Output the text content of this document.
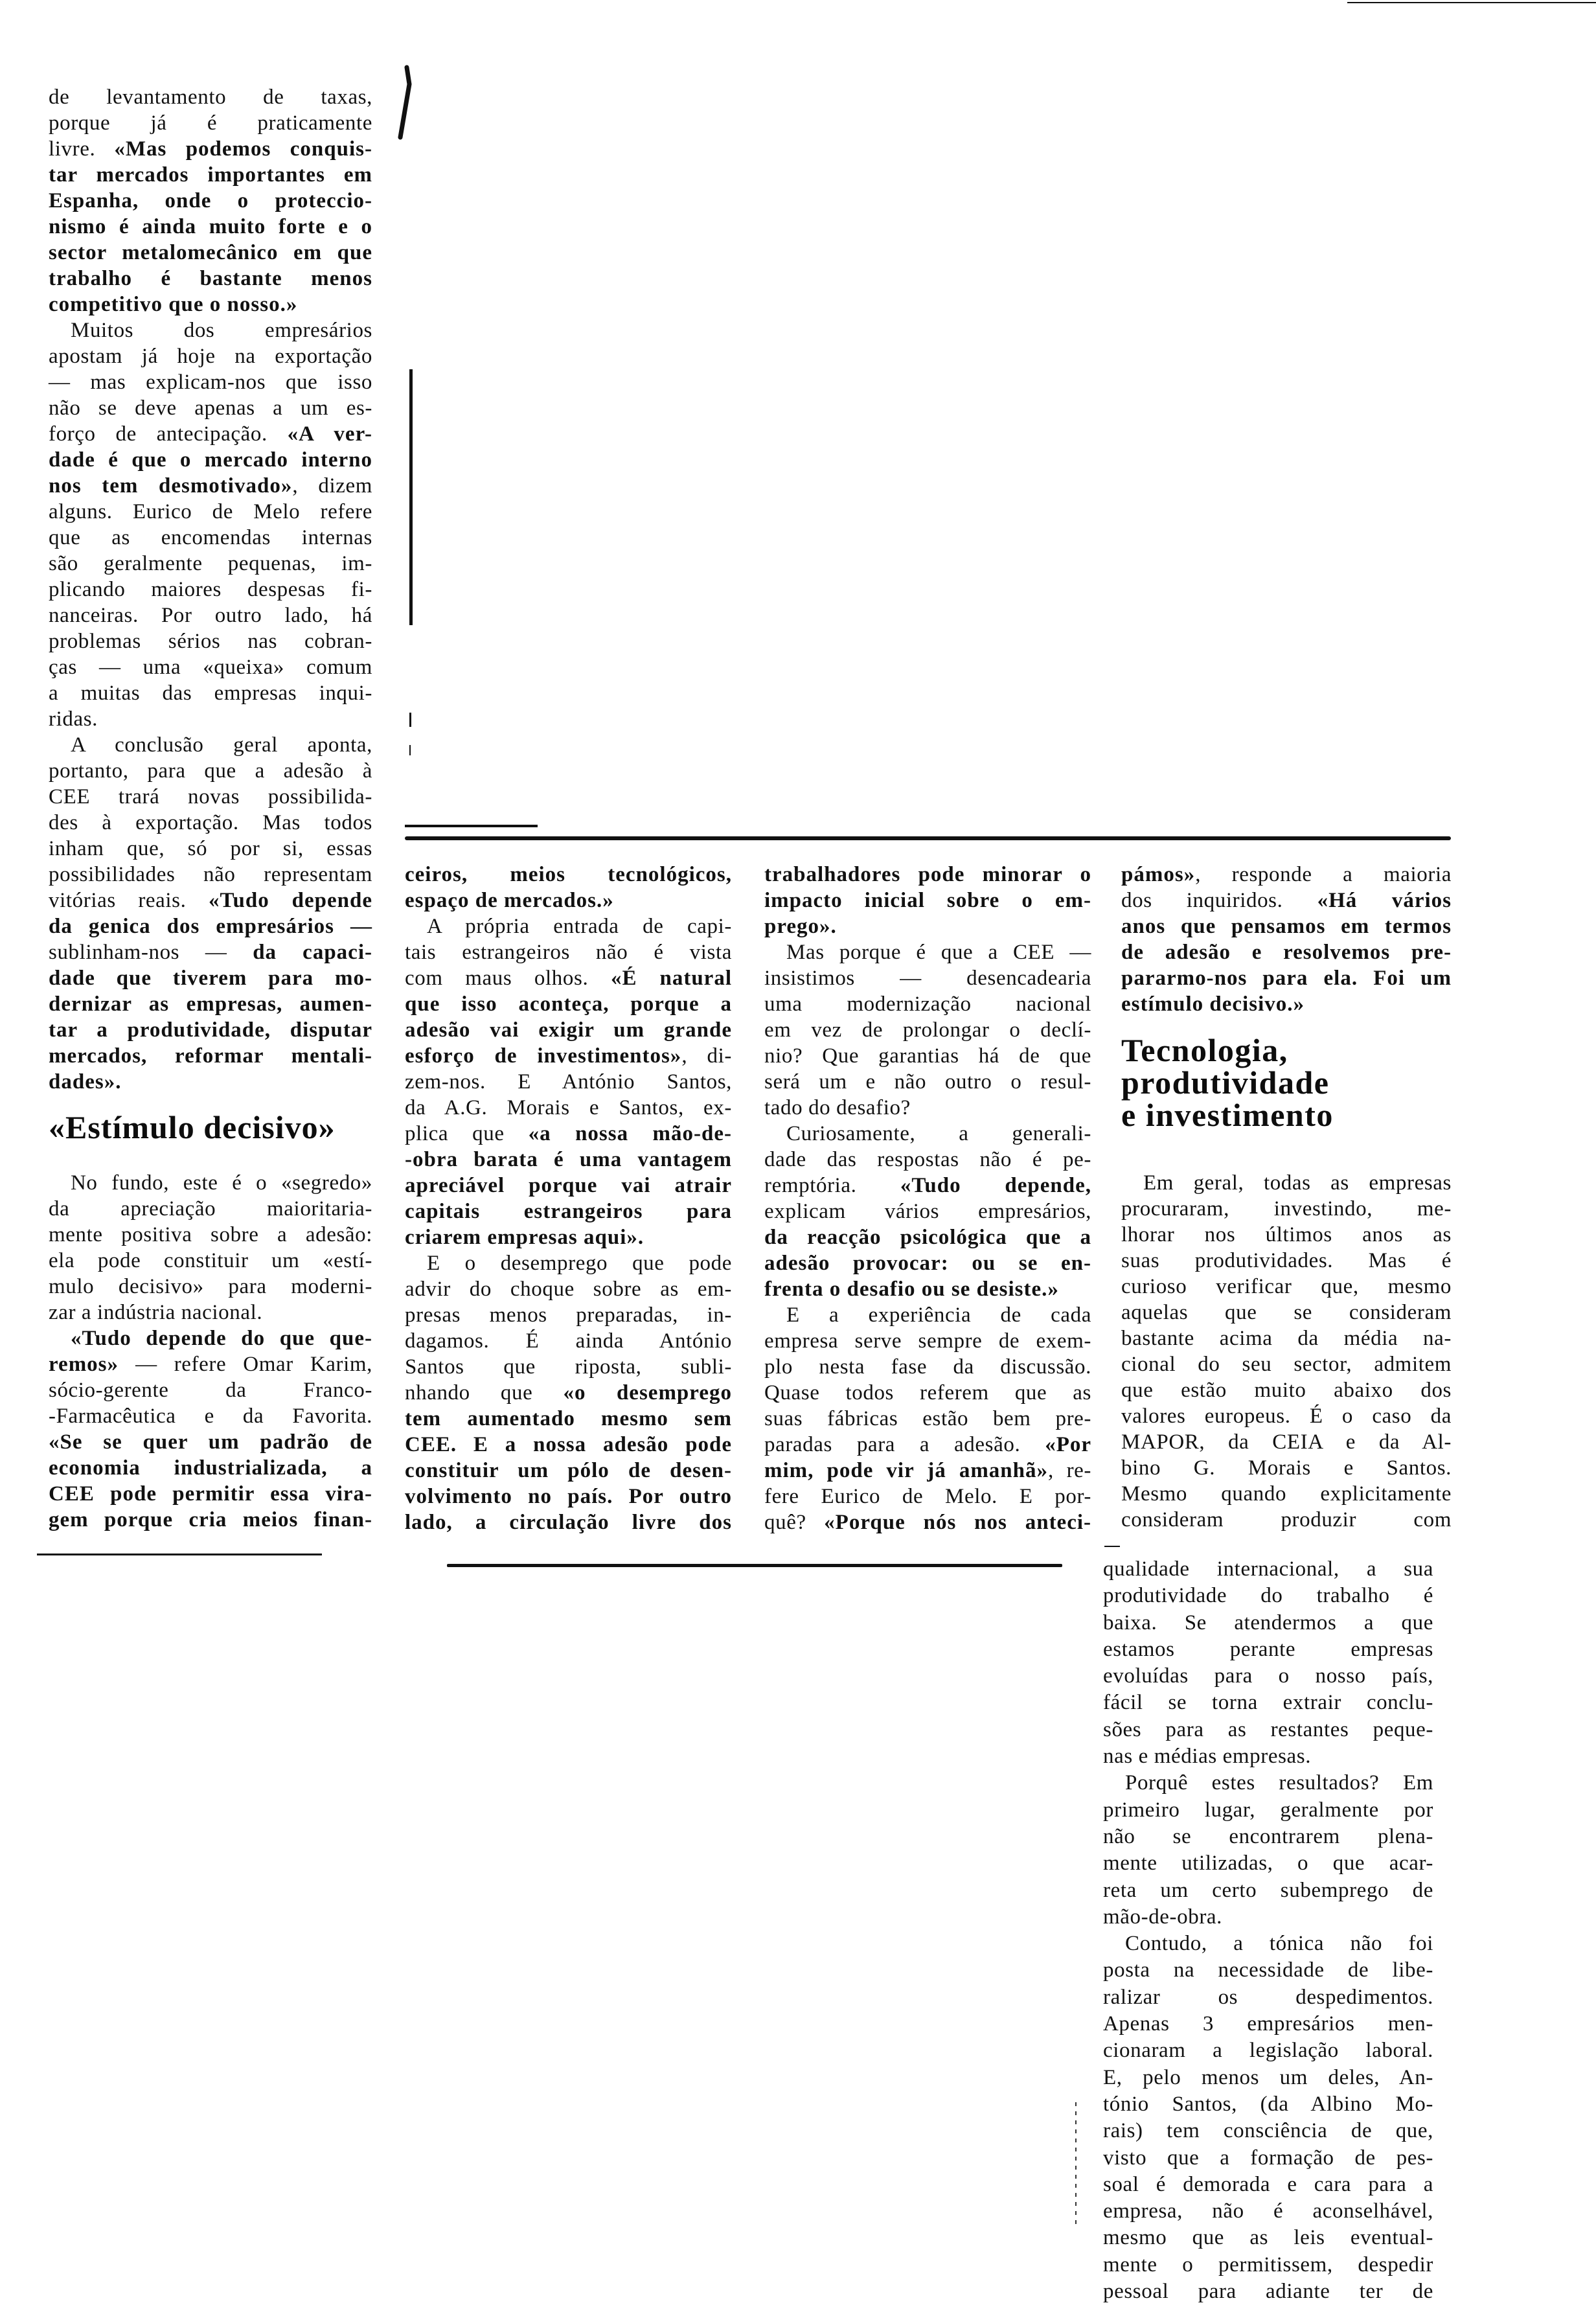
de levantamento de taxas,
porque já é praticamente
livre. «Mas podemos conquis-
tar mercados importantes em
Espanha, onde o proteccio-
nismo é ainda muito forte e o
sector metalomecânico em que
trabalho é bastante menos
competitivo que o nosso.»
Muitos dos empresários
apostam já hoje na exportação
— mas explicam-nos que isso
não se deve apenas a um es-
forço de antecipação. «A ver-
dade é que o mercado interno
nos tem desmotivado», dizem
alguns. Eurico de Melo refere
que as encomendas internas
são geralmente pequenas, im-
plicando maiores despesas fi-
nanceiras. Por outro lado, há
problemas sérios nas cobran-
ças — uma «queixa» comum
a muitas das empresas inqui-
ridas.
A conclusão geral aponta,
portanto, para que a adesão à
CEE trará novas possibilida-
des à exportação. Mas todos
inham que, só por si, essas
possibilidades não representam
vitórias reais. «Tudo depende
da genica dos empresários —
sublinham-nos — da capaci-
dade que tiverem para mo-
dernizar as empresas, aumen-
tar a produtividade, disputar
mercados, reformar mentali-
dades».
«Estímulo decisivo»
No fundo, este é o «segredo»
da apreciação maioritaria-
mente positiva sobre a adesão:
ela pode constituir um «estí-
mulo decisivo» para moderni-
zar a indústria nacional.
«Tudo depende do que que-
remos» — refere Omar Karim,
sócio-gerente da Franco-
-Farmacêutica e da Favorita.
«Se se quer um padrão de
economia industrializada, a
CEE pode permitir essa vira-
gem porque cria meios finan-
ceiros, meios tecnológicos,
espaço de mercados.»
A própria entrada de capi-
tais estrangeiros não é vista
com maus olhos. «É natural
que isso aconteça, porque a
adesão vai exigir um grande
esforço de investimentos», di-
zem-nos. E António Santos,
da A.G. Morais e Santos, ex-
plica que «a nossa mão-de-
-obra barata é uma vantagem
apreciável porque vai atrair
capitais estrangeiros para
criarem empresas aqui».
E o desemprego que pode
advir do choque sobre as em-
presas menos preparadas, in-
dagamos. É ainda António
Santos que riposta, subli-
nhando que «o desemprego
tem aumentado mesmo sem
CEE. E a nossa adesão pode
constituir um pólo de desen-
volvimento no país. Por outro
lado, a circulação livre dos
trabalhadores pode minorar o
impacto inicial sobre o em-
prego».
Mas porque é que a CEE —
insistimos — desencadearia
uma modernização nacional
em vez de prolongar o declí-
nio? Que garantias há de que
será um e não outro o resul-
tado do desafio?
Curiosamente, a generali-
dade das respostas não é pe-
remptória. «Tudo depende,
explicam vários empresários,
da reacção psicológica que a
adesão provocar: ou se en-
frenta o desafio ou se desiste.»
E a experiência de cada
empresa serve sempre de exem-
plo nesta fase da discussão.
Quase todos referem que as
suas fábricas estão bem pre-
paradas para a adesão. «Por
mim, pode vir já amanhã», re-
fere Eurico de Melo. E por-
quê? «Porque nós nos anteci-
pámos», responde a maioria
dos inquiridos. «Há vários
anos que pensamos em termos
de adesão e resolvemos pre-
pararmo-nos para ela. Foi um
estímulo decisivo.»
Tecnologia,
produtividade
e investimento
Em geral, todas as empresas
procuraram, investindo, me-
lhorar nos últimos anos as
suas produtividades. Mas é
curioso verificar que, mesmo
aquelas que se consideram
bastante acima da média na-
cional do seu sector, admitem
que estão muito abaixo dos
valores europeus. É o caso da
MAPOR, da CEIA e da Al-
bino G. Morais e Santos.
Mesmo quando explicitamente
consideram produzir com
qualidade internacional, a sua
produtividade do trabalho é
baixa. Se atendermos a que
estamos perante empresas
evoluídas para o nosso país,
fácil se torna extrair conclu-
sões para as restantes peque-
nas e médias empresas.
Porquê estes resultados? Em
primeiro lugar, geralmente por
não se encontrarem plena-
mente utilizadas, o que acar-
reta um certo subemprego de
mão-de-obra.
Contudo, a tónica não foi
posta na necessidade de libe-
ralizar os despedimentos.
Apenas 3 empresários men-
cionaram a legislação laboral.
E, pelo menos um deles, An-
tónio Santos, (da Albino Mo-
rais) tem consciência de que,
visto que a formação de pes-
soal é demorada e cara para a
empresa, não é aconselhável,
mesmo que as leis eventual-
mente o permitissem, despedir
pessoal para adiante ter de
